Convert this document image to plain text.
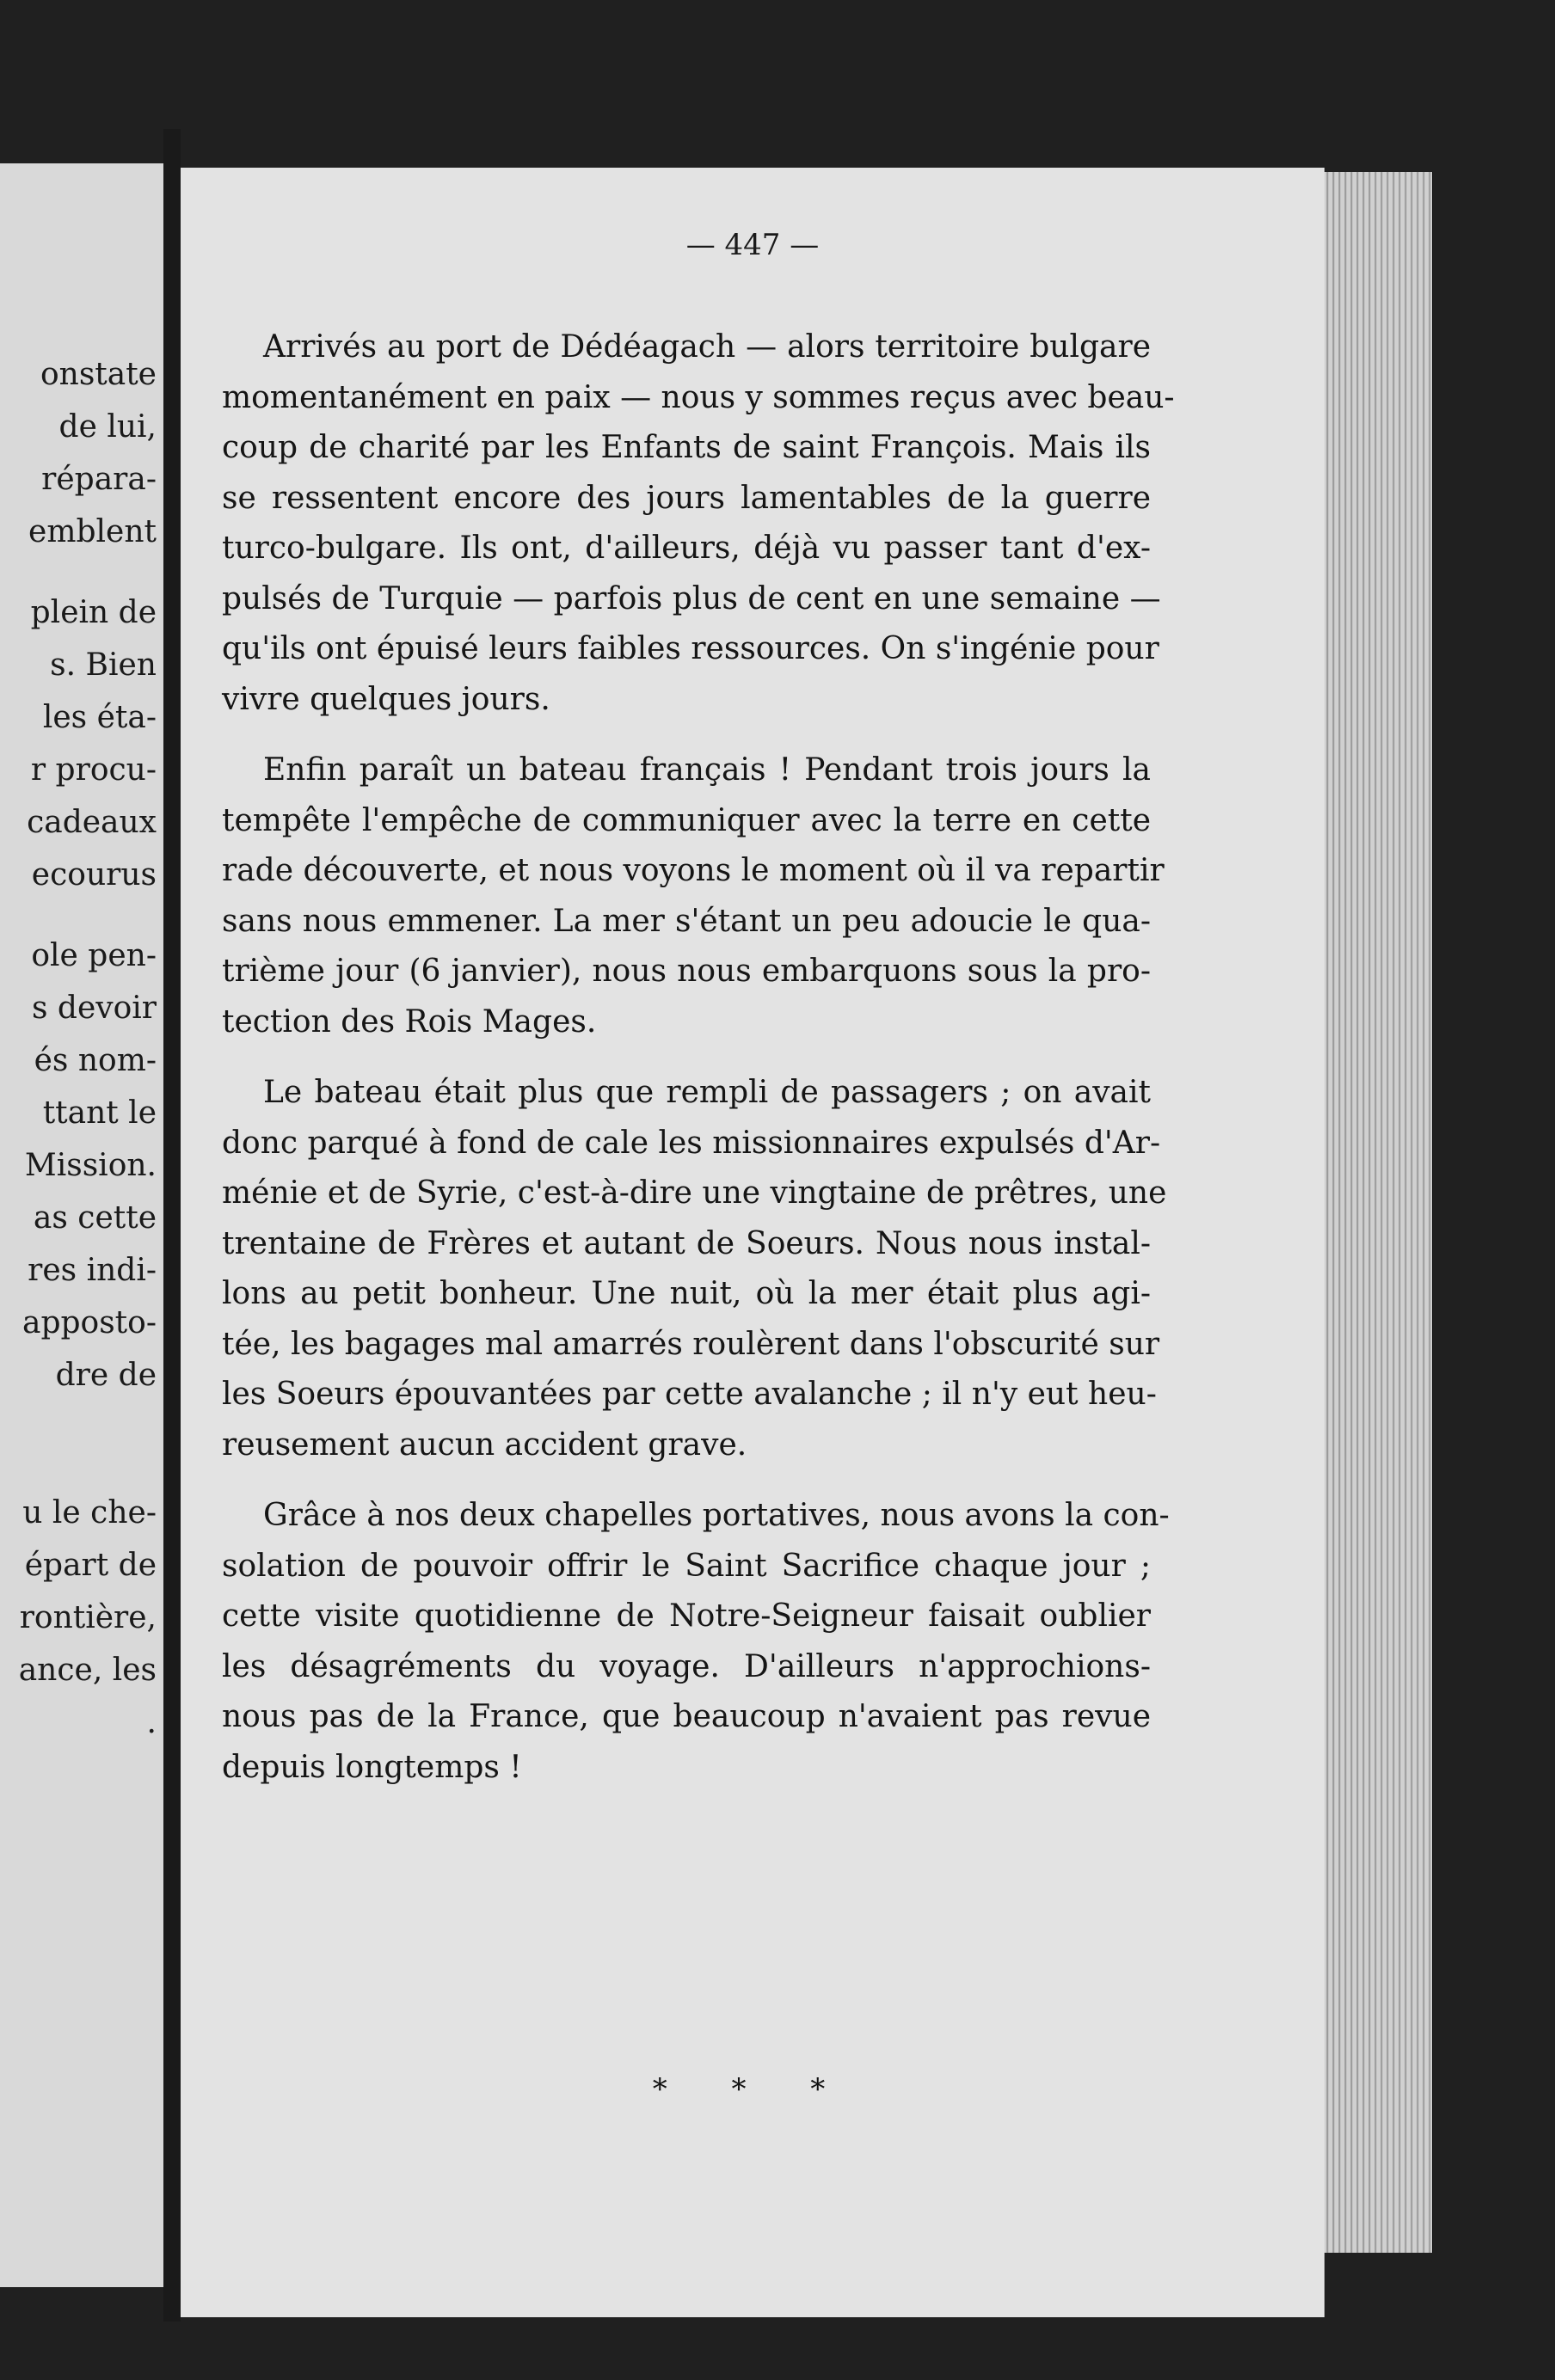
onstate
de lui,
répara-
emblent
plein de
s. Bien
les éta-
r procu-
cadeaux
ecourus
ole pen-
s devoir
és nom-
ttant le
Mission.
as cette
res indi-
apposto-
dre de
u le che-
épart de
rontière,
ance, les
.
— 447 —
Arrivés au port de Dédéagach — alors territoire bulgare
momentanément en paix — nous y sommes reçus avec beau-
coup de charité par les Enfants de saint François. Mais ils
se ressentent encore des jours lamentables de la guerre
turco-bulgare. Ils ont, d'ailleurs, déjà vu passer tant d'ex-
pulsés de Turquie — parfois plus de cent en une semaine —
qu'ils ont épuisé leurs faibles ressources. On s'ingénie pour
vivre quelques jours.
Enfin paraît un bateau français ! Pendant trois jours la
tempête l'empêche de communiquer avec la terre en cette
rade découverte, et nous voyons le moment où il va repartir
sans nous emmener. La mer s'étant un peu adoucie le qua-
trième jour (6 janvier), nous nous embarquons sous la pro-
tection des Rois Mages.
Le bateau était plus que rempli de passagers ; on avait
donc parqué à fond de cale les missionnaires expulsés d'Ar-
ménie et de Syrie, c'est-à-dire une vingtaine de prêtres, une
trentaine de Frères et autant de Soeurs. Nous nous instal-
lons au petit bonheur. Une nuit, où la mer était plus agi-
tée, les bagages mal amarrés roulèrent dans l'obscurité sur
les Soeurs épouvantées par cette avalanche ; il n'y eut heu-
reusement aucun accident grave.
Grâce à nos deux chapelles portatives, nous avons la con-
solation de pouvoir offrir le Saint Sacrifice chaque jour ;
cette visite quotidienne de Notre-Seigneur faisait oublier
les désagréments du voyage. D'ailleurs n'approchions-
nous pas de la France, que beaucoup n'avaient pas revue
depuis longtemps !
* * *
